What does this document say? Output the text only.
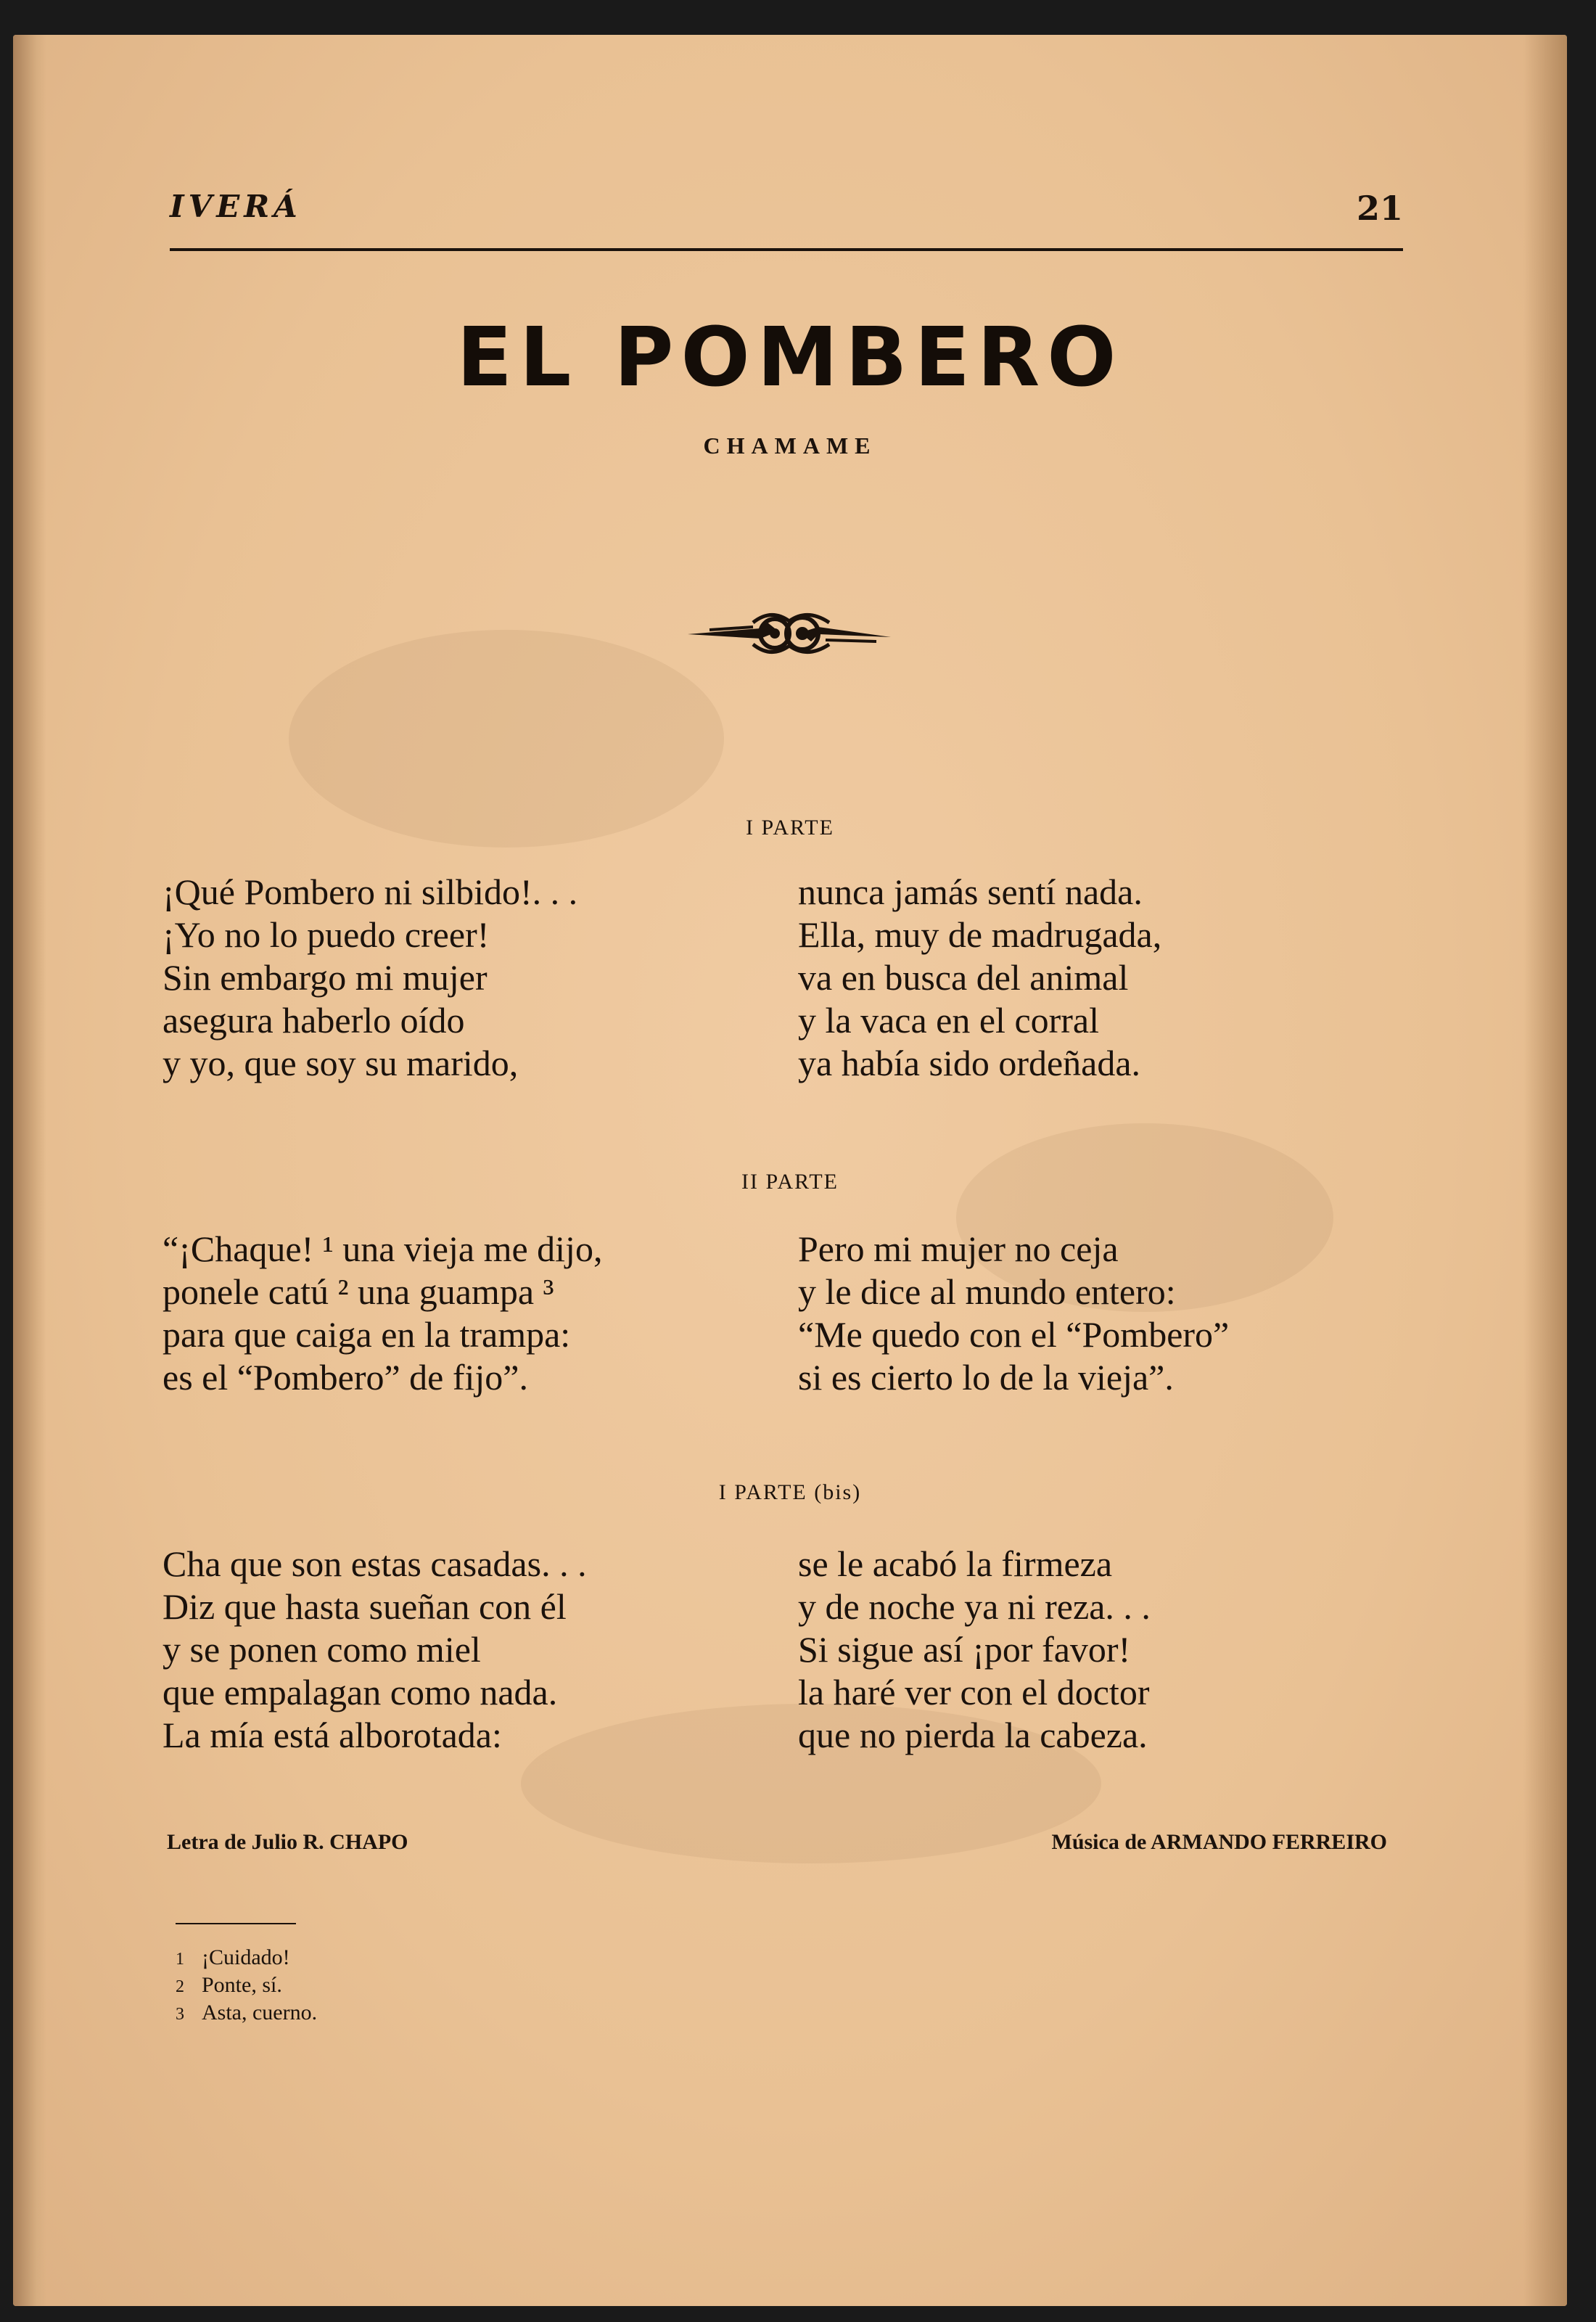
IVERÁ	21
EL POMBERO
CHAMAME
I PARTE
¡Qué Pombero ni silbido!. . .
¡Yo no lo puedo creer!
Sin embargo mi mujer
asegura haberlo oído
y yo, que soy su marido,
nunca jamás sentí nada.
Ella, muy de madrugada,
va en busca del animal
y la vaca en el corral
ya había sido ordeñada.
II PARTE
“¡Chaque! ¹ una vieja me dijo,
ponele catú ² una guampa ³
para que caiga en la trampa:
es el “Pombero” de fijo”.
Pero mi mujer no ceja
y le dice al mundo entero:
“Me quedo con el “Pombero”
si es cierto lo de la vieja”.
I PARTE (bis)
Cha que son estas casadas. . .
Diz que hasta sueñan con él
y se ponen como miel
que empalagan como nada.
La mía está alborotada:
se le acabó la firmeza
y de noche ya ni reza. . .
Si sigue así ¡por favor!
la haré ver con el doctor
que no pierda la cabeza.
Letra de Julio R. CHAPO	Música de ARMANDO FERREIRO
1 ¡Cuidado!
2 Ponte, sí.
3 Asta, cuerno.
